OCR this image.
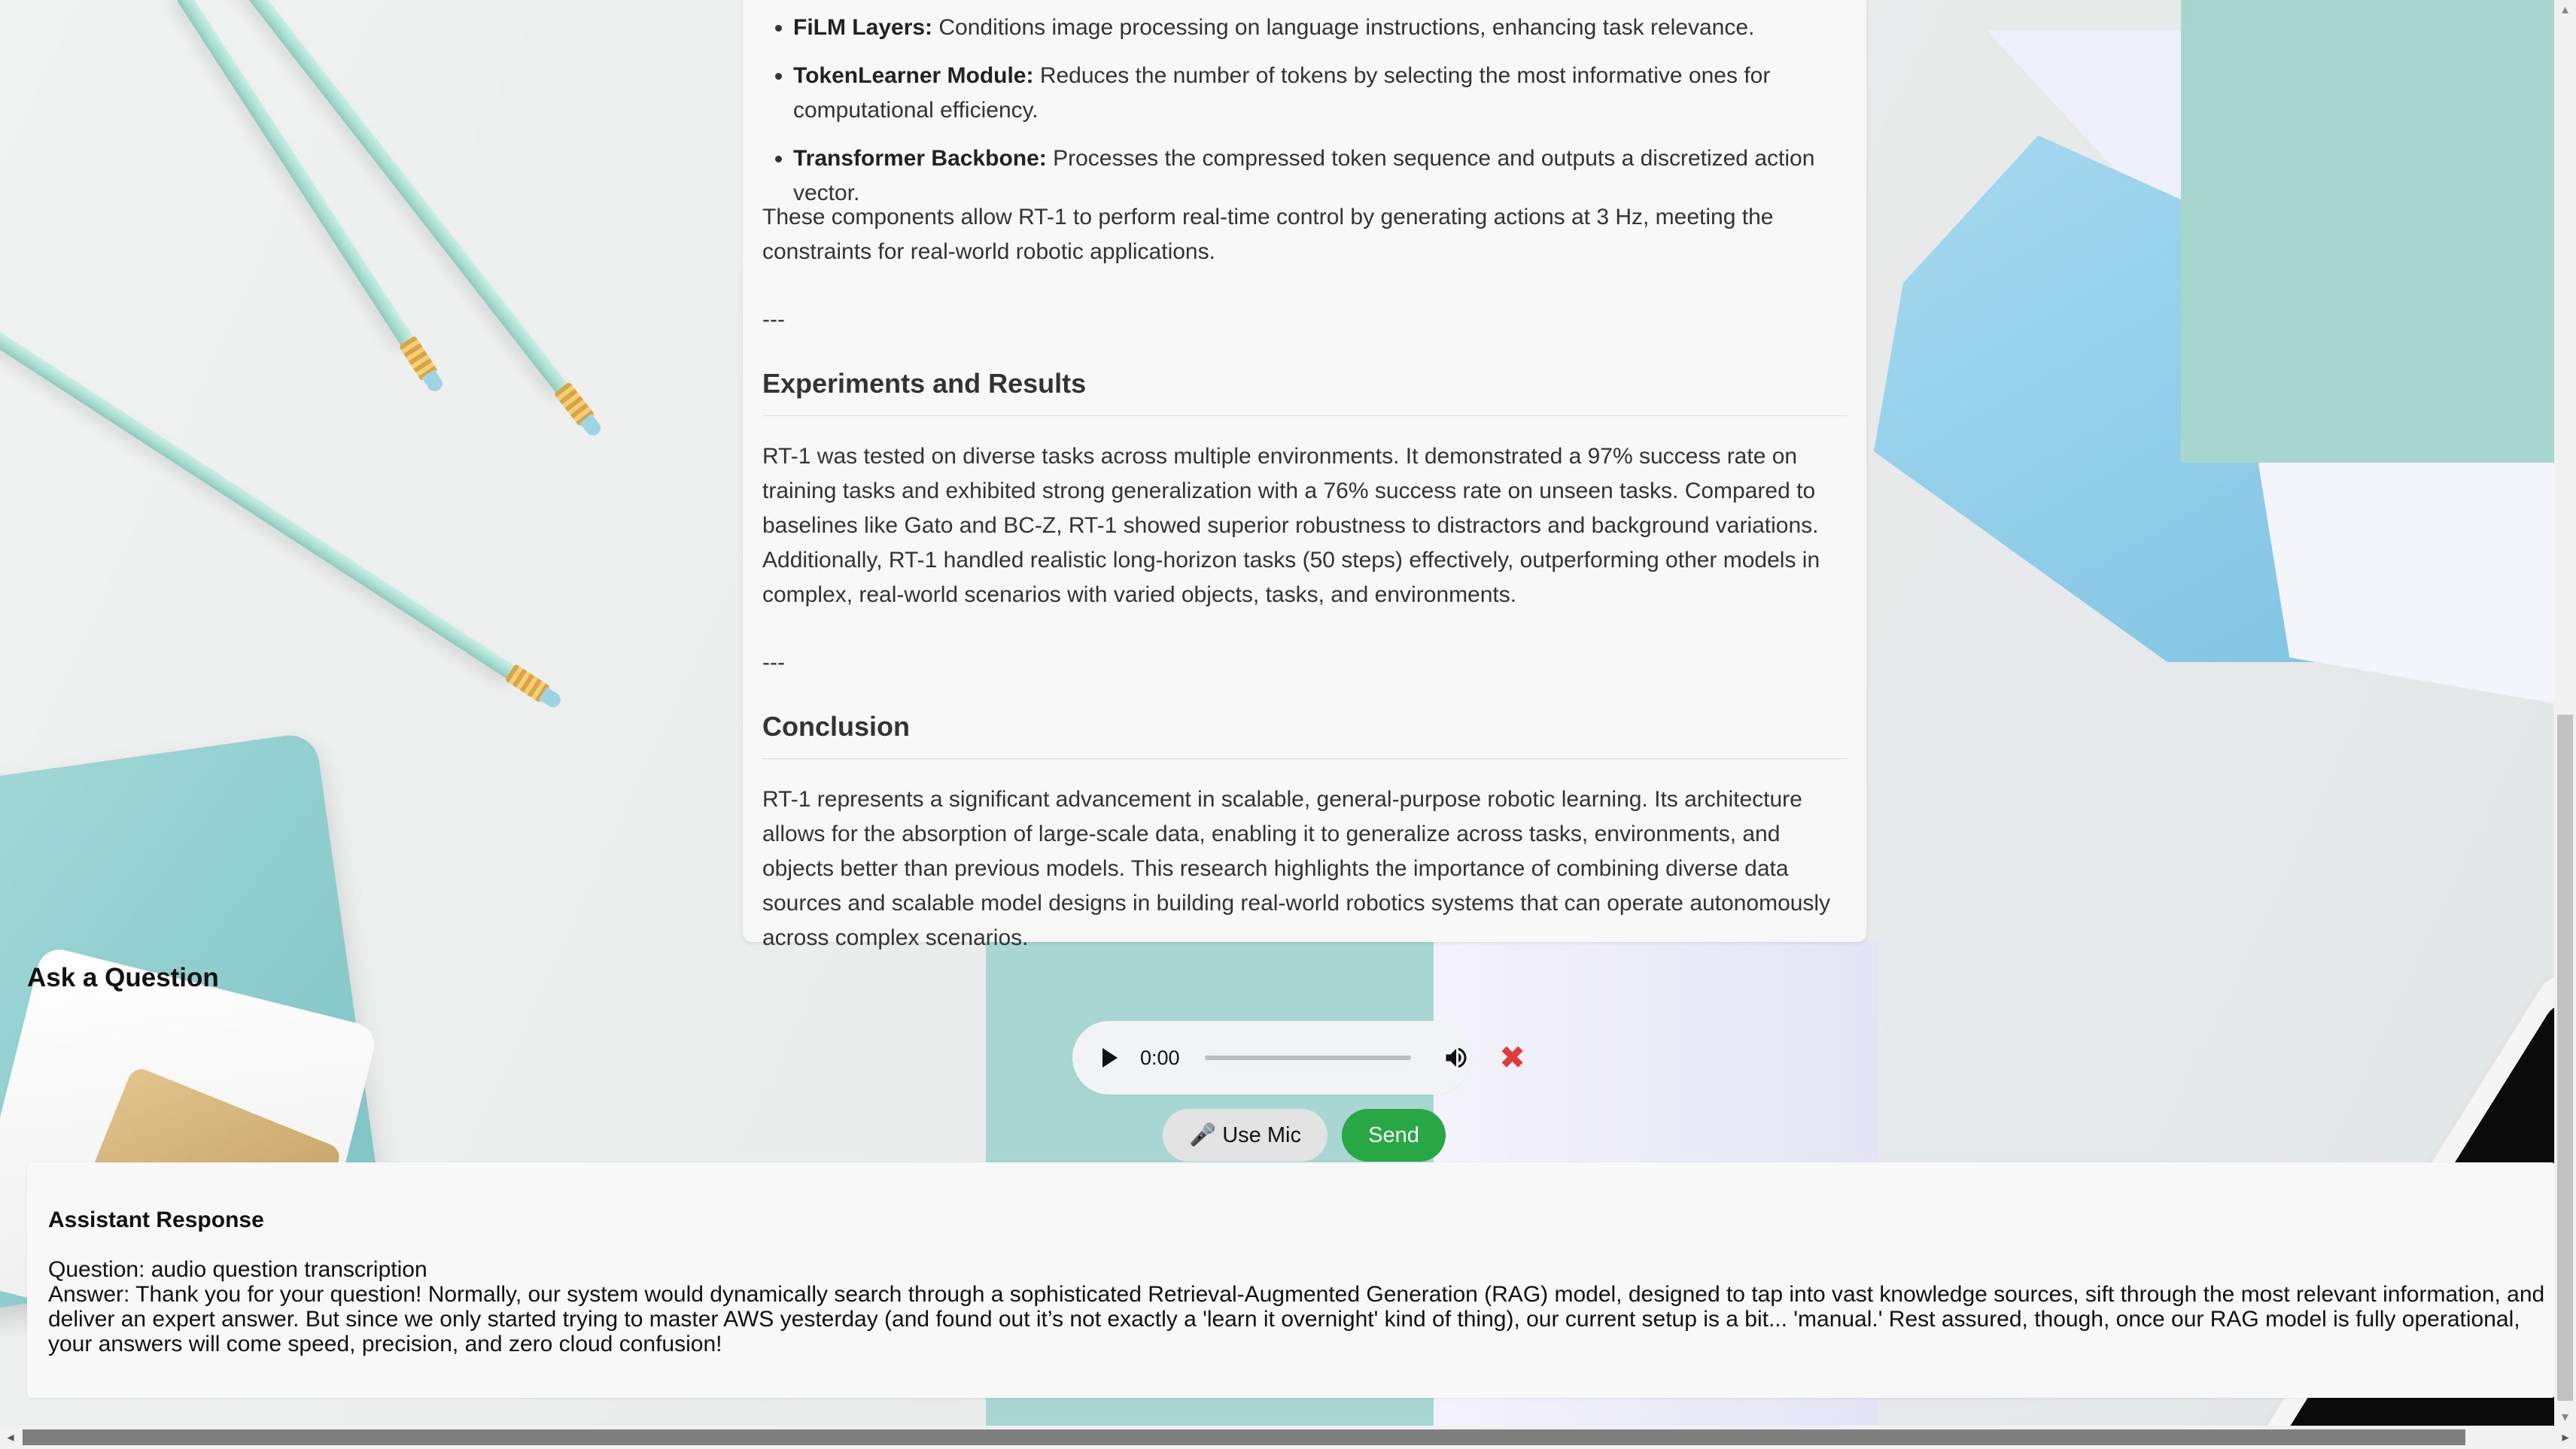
• FiLM Layers: Conditions image processing on language instructions, enhancing task relevance.
• TokenLearner Module: Reduces the number of tokens by selecting the most informative ones for computational efficiency.
• Transformer Backbone: Processes the compressed token sequence and outputs a discretized action vector.

These components allow RT-1 to perform real-time control by generating actions at 3 Hz, meeting the constraints for real-world robotic applications.

---

Experiments and Results

RT-1 was tested on diverse tasks across multiple environments. It demonstrated a 97% success rate on training tasks and exhibited strong generalization with a 76% success rate on unseen tasks. Compared to baselines like Gato and BC-Z, RT-1 showed superior robustness to distractors and background variations. Additionally, RT-1 handled realistic long-horizon tasks (50 steps) effectively, outperforming other models in complex, real-world scenarios with varied objects, tasks, and environments.

---

Conclusion

RT-1 represents a significant advancement in scalable, general-purpose robotic learning. Its architecture allows for the absorption of large-scale data, enabling it to generalize across tasks, environments, and objects better than previous models. This research highlights the importance of combining diverse data sources and scalable model designs in building real-world robotics systems that can operate autonomously across complex scenarios.

Ask a Question
0:00	✖
🎤 Use Mic	Send
Assistant Response

Question: audio question transcription

Answer: Thank you for your question! Normally, our system would dynamically search through a sophisticated Retrieval-Augmented Generation (RAG) model, designed to tap into vast knowledge sources, sift through the most relevant information, and deliver an expert answer. But since we only started trying to master AWS yesterday (and found out it’s not exactly a 'learn it overnight' kind of thing), our current setup is a bit... 'manual.' Rest assured, though, once our RAG model is fully operational, your answers will come speed, precision, and zero cloud confusion!

▴
▾
◂	▸
